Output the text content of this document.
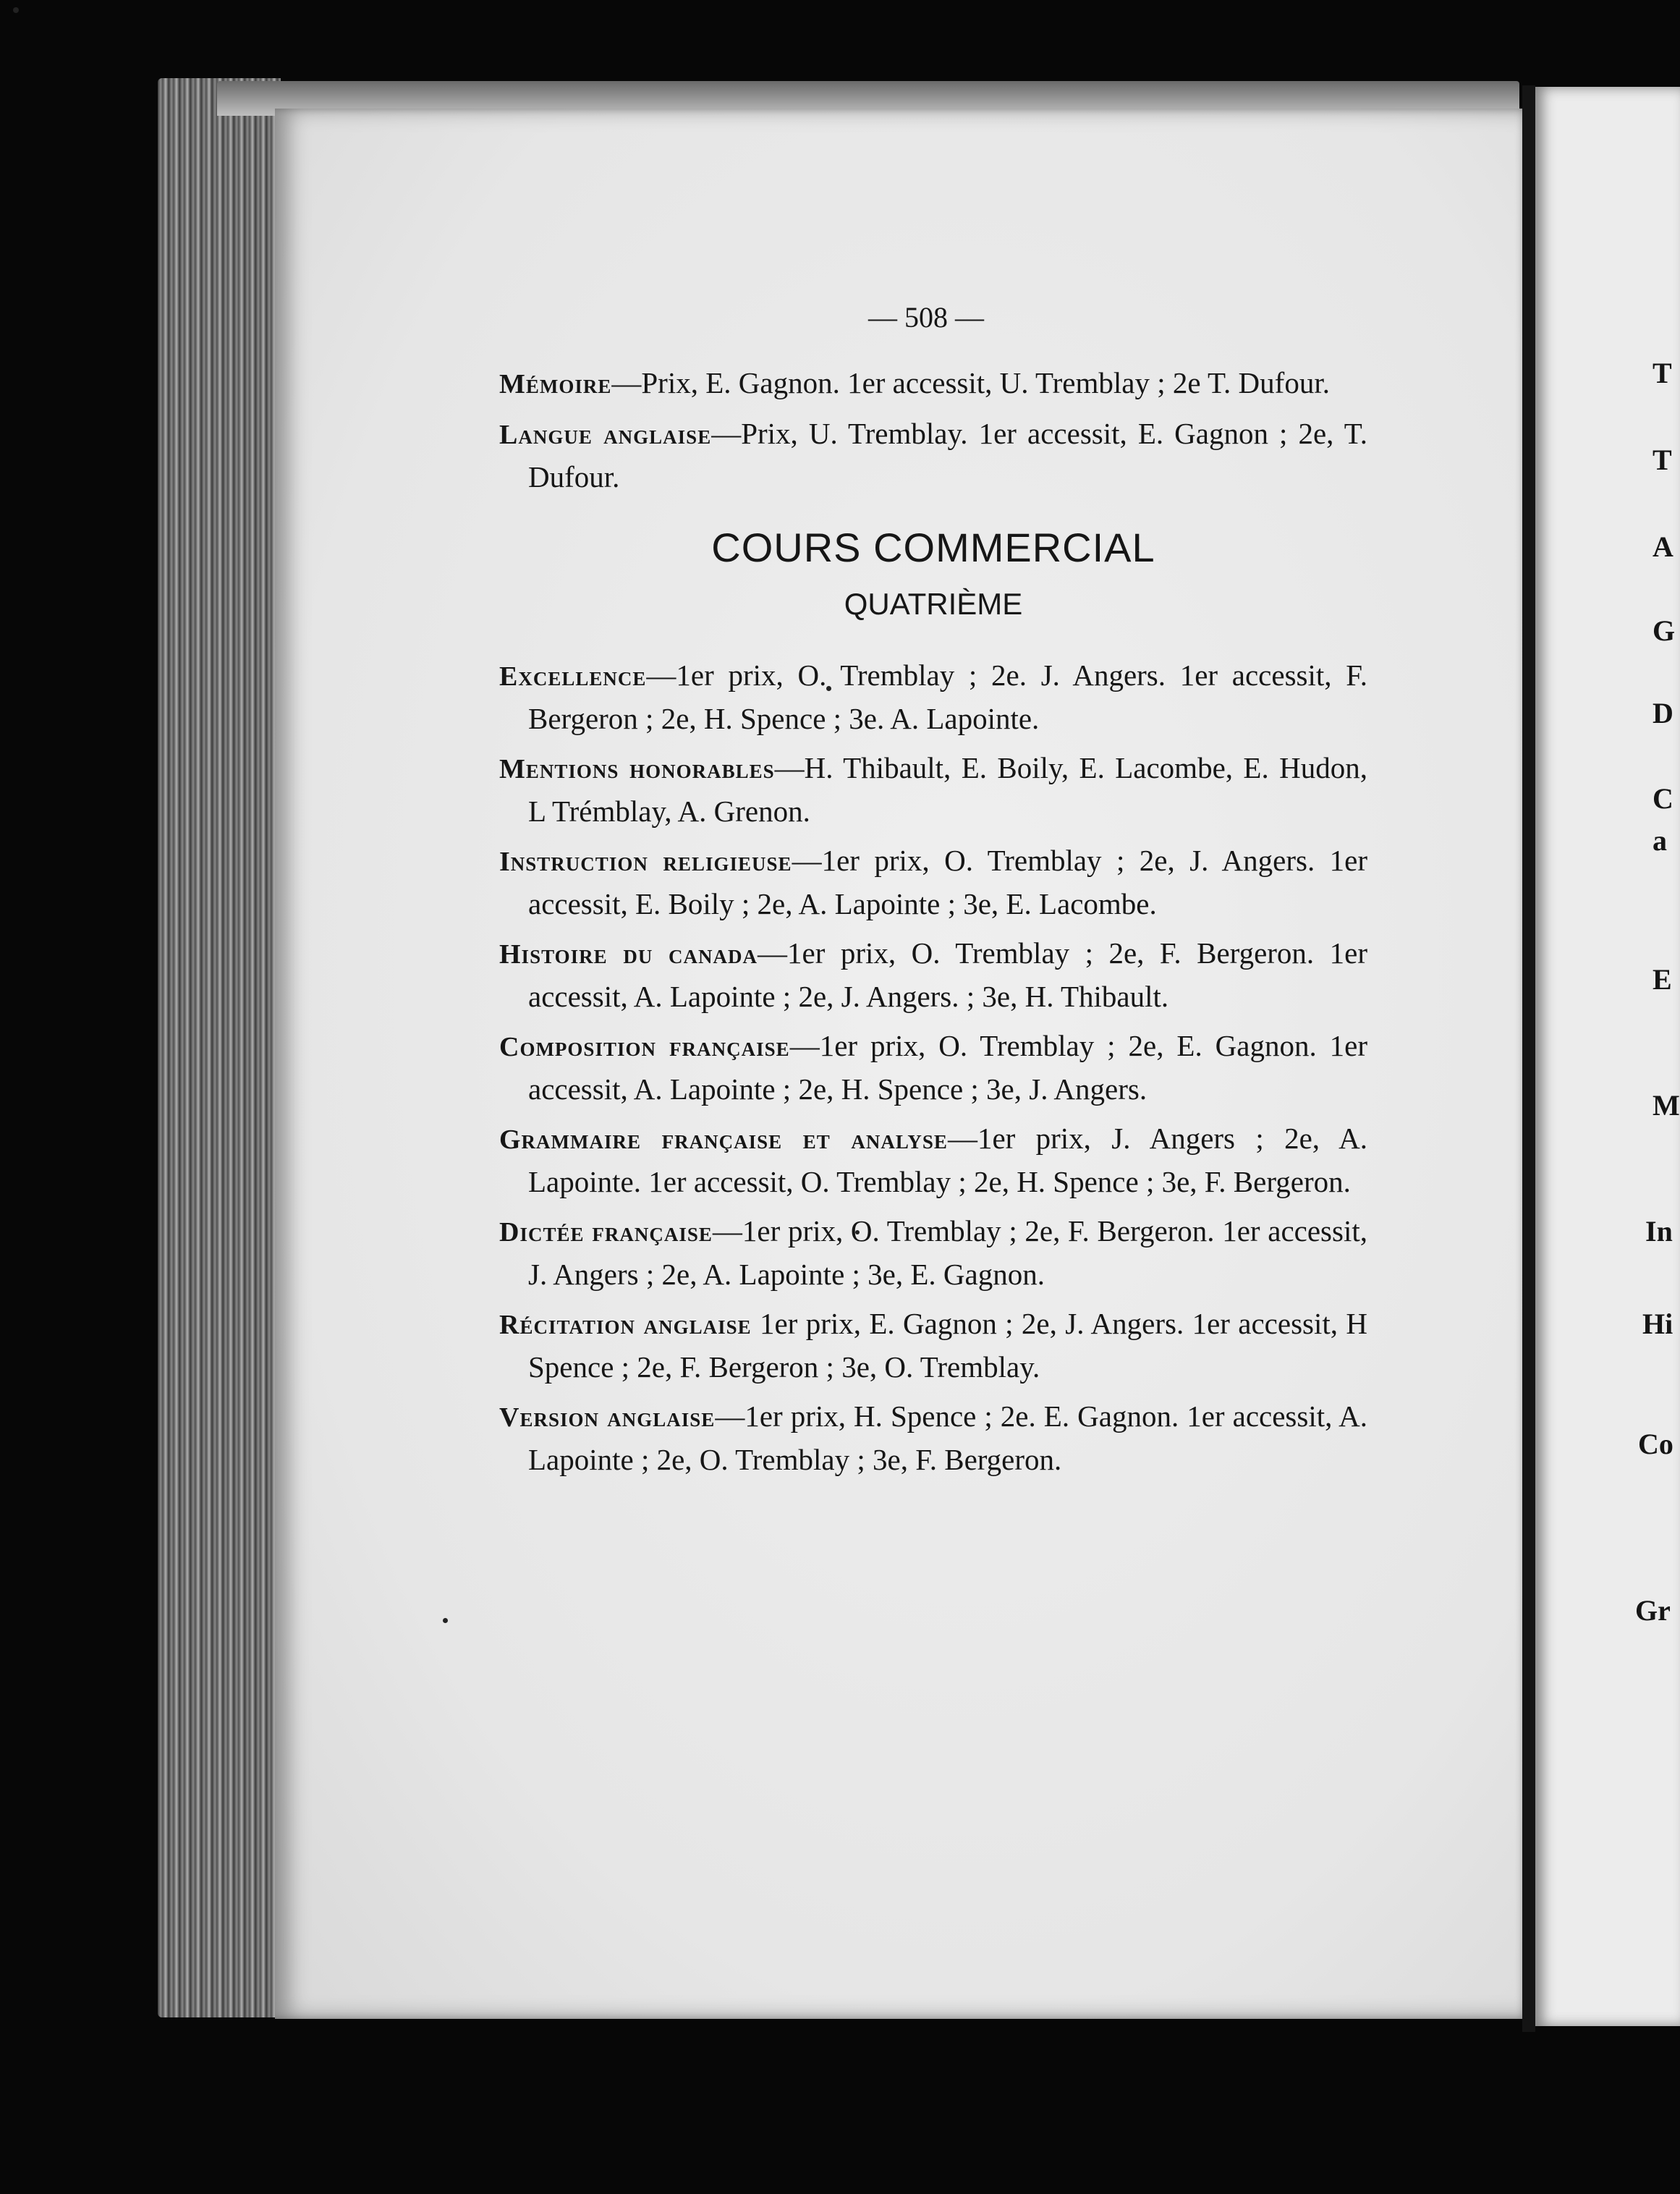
T
T
A
G
D
C
a
E
M
In
Hi
Co
Gr
— 508 —

Mémoire—Prix, E. Gagnon. 1er accessit, U. Tremblay ; 2e T. Dufour.

Langue anglaise—Prix, U. Tremblay. 1er accessit, E. Gagnon ; 2e, T. Dufour.

COURS COMMERCIAL
QUATRIÈME

Excellence—1er prix, O. Tremblay ; 2e. J. Angers. 1er accessit, F. Bergeron ; 2e, H. Spence ; 3e. A. Lapointe.

Mentions honorables—H. Thibault, E. Boily, E. Lacombe, E. Hudon, L Trémblay, A. Grenon.

Instruction religieuse—1er prix, O. Tremblay ; 2e, J. Angers. 1er accessit, E. Boily ; 2e, A. Lapointe ; 3e, E. Lacombe.

Histoire du canada—1er prix, O. Tremblay ; 2e, F. Bergeron. 1er accessit, A. Lapointe ; 2e, J. Angers. ; 3e, H. Thibault.

Composition française—1er prix, O. Tremblay ; 2e, E. Gagnon. 1er accessit, A. Lapointe ; 2e, H. Spence ; 3e, J. Angers.

Grammaire française et analyse—1er prix, J. Angers ; 2e, A. Lapointe. 1er accessit, O. Tremblay ; 2e, H. Spence ; 3e, F. Bergeron.

Dictée française—1er prix, O. Tremblay ; 2e, F. Bergeron. 1er accessit, J. Angers ; 2e, A. Lapointe ; 3e, E. Gagnon.

Récitation anglaise 1er prix, E. Gagnon ; 2e, J. Angers. 1er accessit, H Spence ; 2e, F. Bergeron ; 3e, O. Tremblay.

Version anglaise—1er prix, H. Spence ; 2e. E. Gagnon. 1er accessit, A. Lapointe ; 2e, O. Tremblay ; 3e, F. Bergeron.
